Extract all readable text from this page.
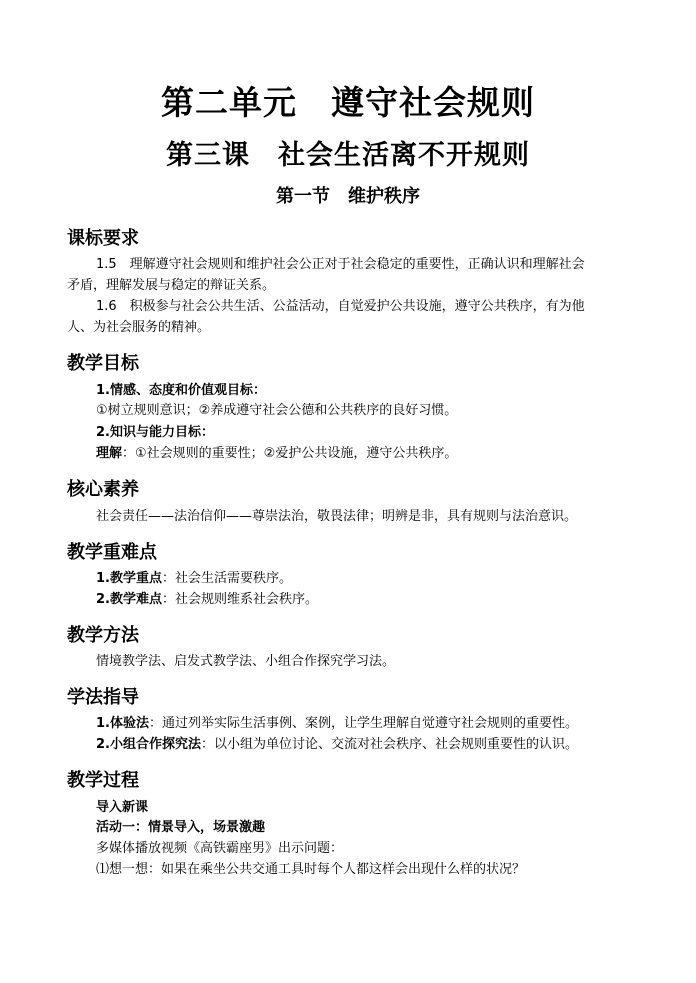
第二单元　遵守社会规则
第三课　社会生活离不开规则
第一节　维护秩序
课标要求
1.5　理解遵守社会规则和维护社会公正对于社会稳定的重要性，正确认识和理解社会
矛盾，理解发展与稳定的辩证关系。
1.6　积极参与社会公共生活、公益活动，自觉爱护公共设施，遵守公共秩序，有为他
人、为社会服务的精神。
教学目标
1.情感、态度和价值观目标：
①树立规则意识；②养成遵守社会公德和公共秩序的良好习惯。
2.知识与能力目标：
理解：①社会规则的重要性；②爱护公共设施，遵守公共秩序。
核心素养
社会责任——法治信仰——尊崇法治，敬畏法律；明辨是非，具有规则与法治意识。
教学重难点
1.教学重点：社会生活需要秩序。
2.教学难点：社会规则维系社会秩序。
教学方法
情境教学法、启发式教学法、小组合作探究学习法。
学法指导
1.体验法：通过列举实际生活事例、案例，让学生理解自觉遵守社会规则的重要性。
2.小组合作探究法：以小组为单位讨论、交流对社会秩序、社会规则重要性的认识。
教学过程
导入新课
活动一：情景导入，场景激趣
多媒体播放视频《高铁霸座男》出示问题：
⑴想一想：如果在乘坐公共交通工具时每个人都这样会出现什么样的状况？
